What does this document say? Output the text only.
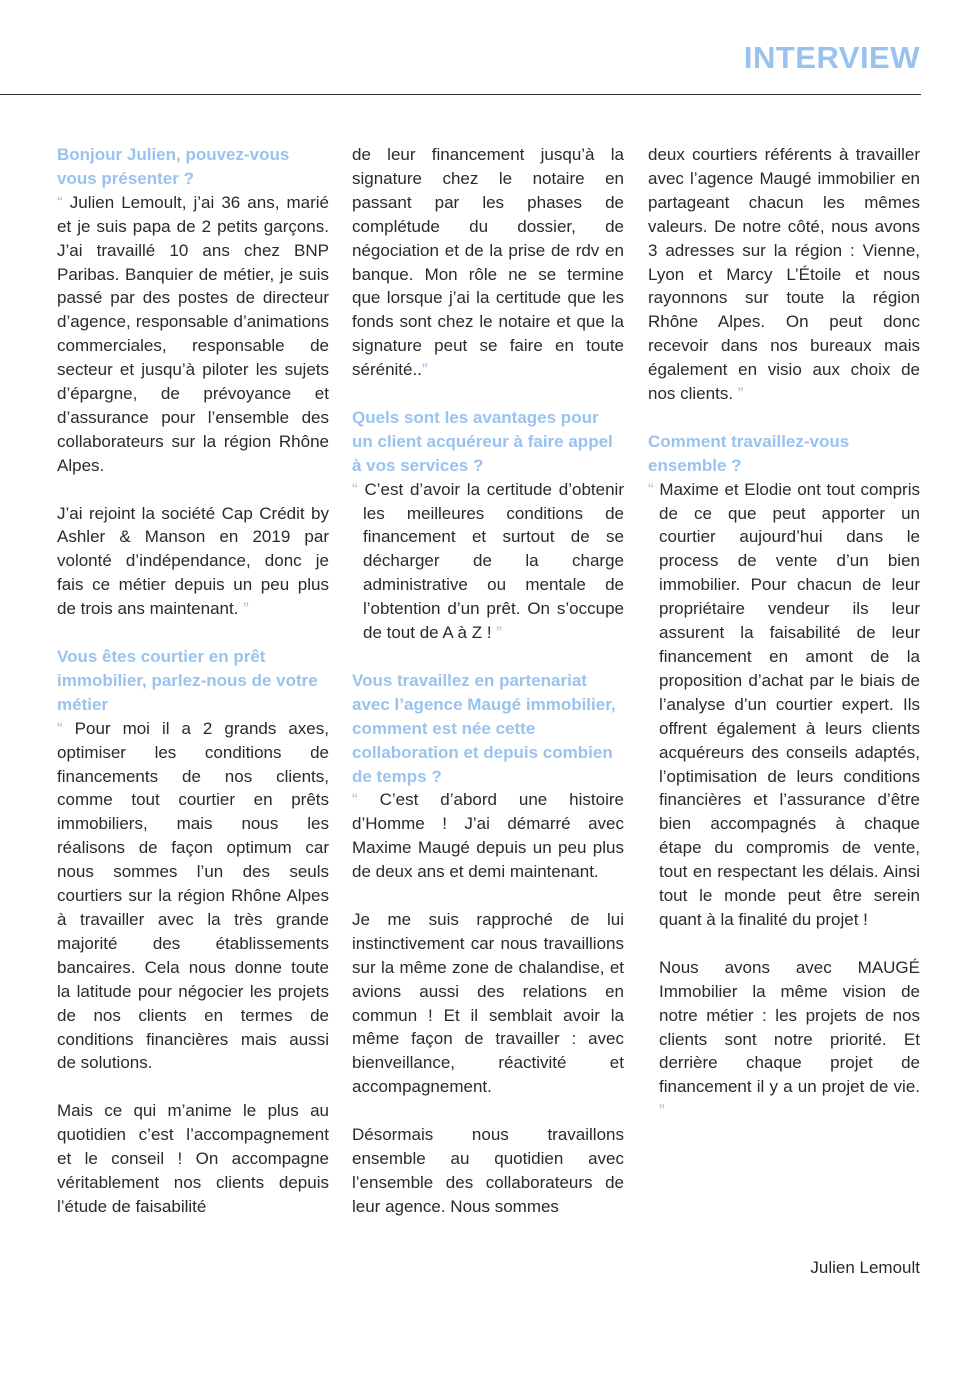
INTERVIEW

Bonjour Julien, pouvez-vous vous présenter ?

“ Julien Lemoult, j’ai 36 ans, marié et je suis papa de 2 petits garçons. J’ai travaillé 10 ans chez BNP Paribas. Banquier de métier, je suis passé par des postes de directeur d’agence, responsable d’animations commerciales, responsable de secteur et jusqu’à piloter les sujets d’épargne, de prévoyance et d’assurance pour l’ensemble des collaborateurs sur la région Rhône Alpes.

J’ai rejoint la société Cap Crédit by Ashler & Manson en 2019 par volonté d’indépendance, donc je fais ce métier depuis un peu plus de trois ans maintenant. ”

Vous êtes courtier en prêt immobilier, parlez-nous de votre métier

“ Pour moi il a 2 grands axes, optimiser les conditions de financements de nos clients, comme tout courtier en prêts immobiliers, mais nous les réalisons de façon optimum car nous sommes l’un des seuls courtiers sur la région Rhône Alpes à travailler avec la très grande majorité des établissements bancaires. Cela nous donne toute la latitude pour négocier les projets de nos clients en termes de conditions financières mais aussi de solutions.

Mais ce qui m’anime le plus au quotidien c’est l’accompagnement et le conseil ! On accompagne véritablement nos clients depuis l’étude de faisabilité

de leur financement jusqu’à la signature chez le notaire en passant par les phases de complétude du dossier, de négociation et de la prise de rdv en banque. Mon rôle ne se termine que lorsque j’ai la certitude que les fonds sont chez le notaire et que la signature peut se faire en toute sérénité..”

Quels sont les avantages pour un client acquéreur à faire appel à vos services ?

“ C’est d’avoir la certitude d’obtenir les meilleures conditions de financement et surtout de se décharger de la charge administrative ou mentale de l’obtention d’un prêt. On s’occupe de tout de A à Z ! ”

Vous travaillez en partenariat avec l’agence Maugé immobilier, comment est née cette collaboration et depuis combien de temps ?

“ C’est d’abord une histoire d’Homme ! J’ai démarré avec Maxime Maugé depuis un peu plus de deux ans et demi maintenant.

Je me suis rapproché de lui instinctivement car nous travaillions sur la même zone de chalandise, et avions aussi des relations en commun ! Et il semblait avoir la même façon de travailler : avec bienveillance, réactivité et accompagnement.

Désormais nous travaillons ensemble au quotidien avec l’ensemble des collaborateurs de leur agence. Nous sommes

deux courtiers référents à travailler avec l’agence Maugé immobilier en partageant chacun les mêmes valeurs. De notre côté, nous avons 3 adresses sur la région : Vienne, Lyon et Marcy L’Étoile et nous rayonnons sur toute la région Rhône Alpes. On peut donc recevoir dans nos bureaux mais également en visio aux choix de nos clients. ”

Comment travaillez-vous ensemble ?

“ Maxime et Elodie ont tout compris de ce que peut apporter un courtier aujourd’hui dans le process de vente d’un bien immobilier. Pour chacun de leur propriétaire vendeur ils leur assurent la faisabilité de leur financement en amont de la proposition d’achat par le biais de l’analyse d’un courtier expert. Ils offrent également à leurs clients acquéreurs des conseils adaptés, l’optimisation de leurs conditions financières et l’assurance d’être bien accompagnés à chaque étape du compromis de vente, tout en respectant les délais. Ainsi tout le monde peut être serein quant à la finalité du projet !

Nous avons avec MAUGÉ Immobilier la même vision de notre métier : les projets de nos clients sont notre priorité. Et derrière chaque projet de financement il y a un projet de vie. ”

Julien Lemoult
